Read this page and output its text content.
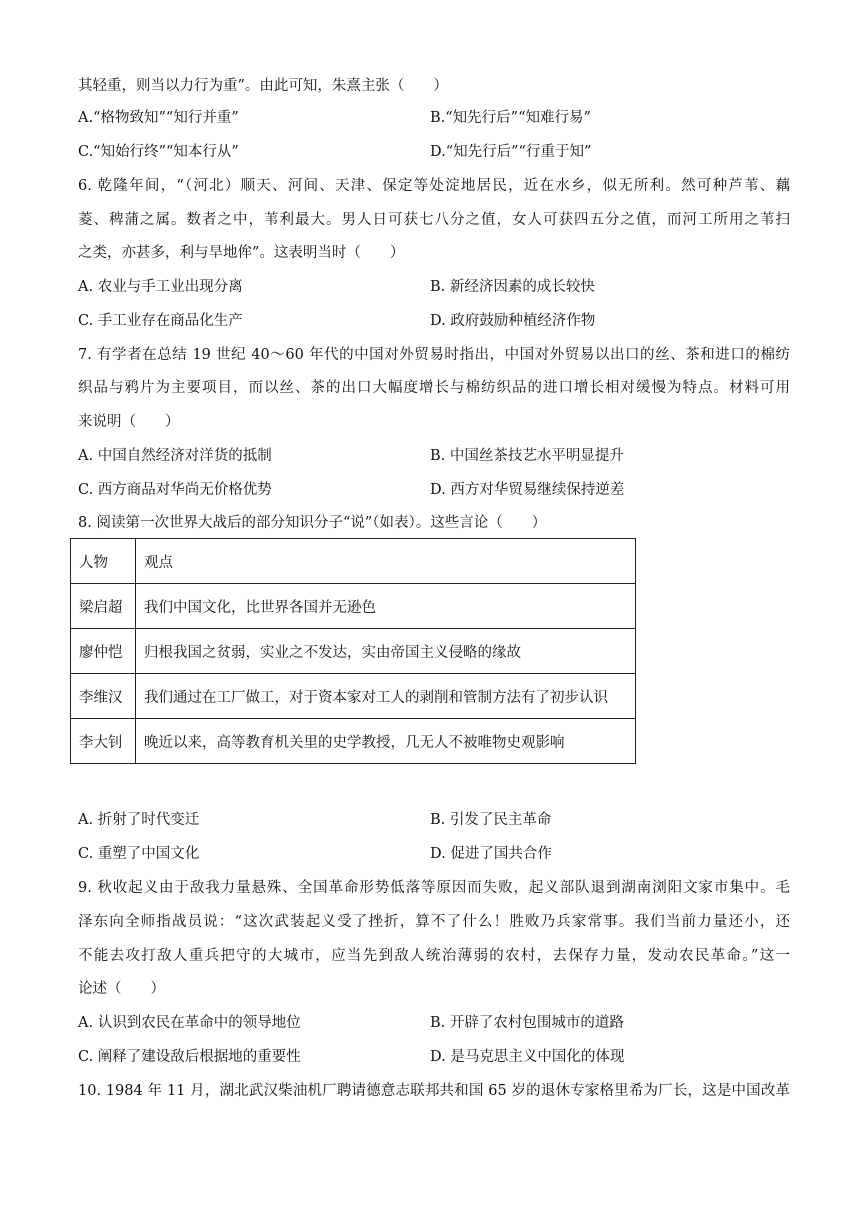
其轻重，则当以力行为重”。由此可知，朱熹主张（　　）
A.“格物致知”“知行并重”	B.“知先行后”“知难行易”
C.“知始行终”“知本行从”	D.“知先行后”“行重于知”
6. 乾隆年间，“（河北）顺天、河间、天津、保定等处淀地居民，近在水乡，似无所利。然可种芦苇、藕
菱、稗蒲之属。数者之中，苇利最大。男人日可获七八分之值，女人可获四五分之值，而河工所用之苇扫
之类，亦甚多，利与旱地侔”。这表明当时（　　）
A. 农业与手工业出现分离	B. 新经济因素的成长较快
C. 手工业存在商品化生产	D. 政府鼓励种植经济作物
7. 有学者在总结 19 世纪 40～60 年代的中国对外贸易时指出，中国对外贸易以出口的丝、茶和进口的棉纺
织品与鸦片为主要项目，而以丝、茶的出口大幅度增长与棉纺织品的进口增长相对缓慢为特点。材料可用
来说明（　　）
A. 中国自然经济对洋货的抵制	B. 中国丝茶技艺水平明显提升
C. 西方商品对华尚无价格优势	D. 西方对华贸易继续保持逆差
8. 阅读第一次世界大战后的部分知识分子“说”（如表）。这些言论（　　）
人物	观点
梁启超	我们中国文化，比世界各国并无逊色
廖仲恺	归根我国之贫弱，实业之不发达，实由帝国主义侵略的缘故
李维汉	我们通过在工厂做工，对于资本家对工人的剥削和管制方法有了初步认识
李大钊	晚近以来，高等教育机关里的史学教授，几无人不被唯物史观影响
A. 折射了时代变迁	B. 引发了民主革命
C. 重塑了中国文化	D. 促进了国共合作
9. 秋收起义由于敌我力量悬殊、全国革命形势低落等原因而失败，起义部队退到湖南浏阳文家市集中。毛
泽东向全师指战员说：“这次武装起义受了挫折，算不了什么！胜败乃兵家常事。我们当前力量还小，还
不能去攻打敌人重兵把守的大城市，应当先到敌人统治薄弱的农村，去保存力量，发动农民革命。”这一
论述（　　）
A. 认识到农民在革命中的领导地位	B. 开辟了农村包围城市的道路
C. 阐释了建设敌后根据地的重要性	D. 是马克思主义中国化的体现
10. 1984 年 11 月，湖北武汉柴油机厂聘请德意志联邦共和国 65 岁的退休专家格里希为厂长，这是中国改革
